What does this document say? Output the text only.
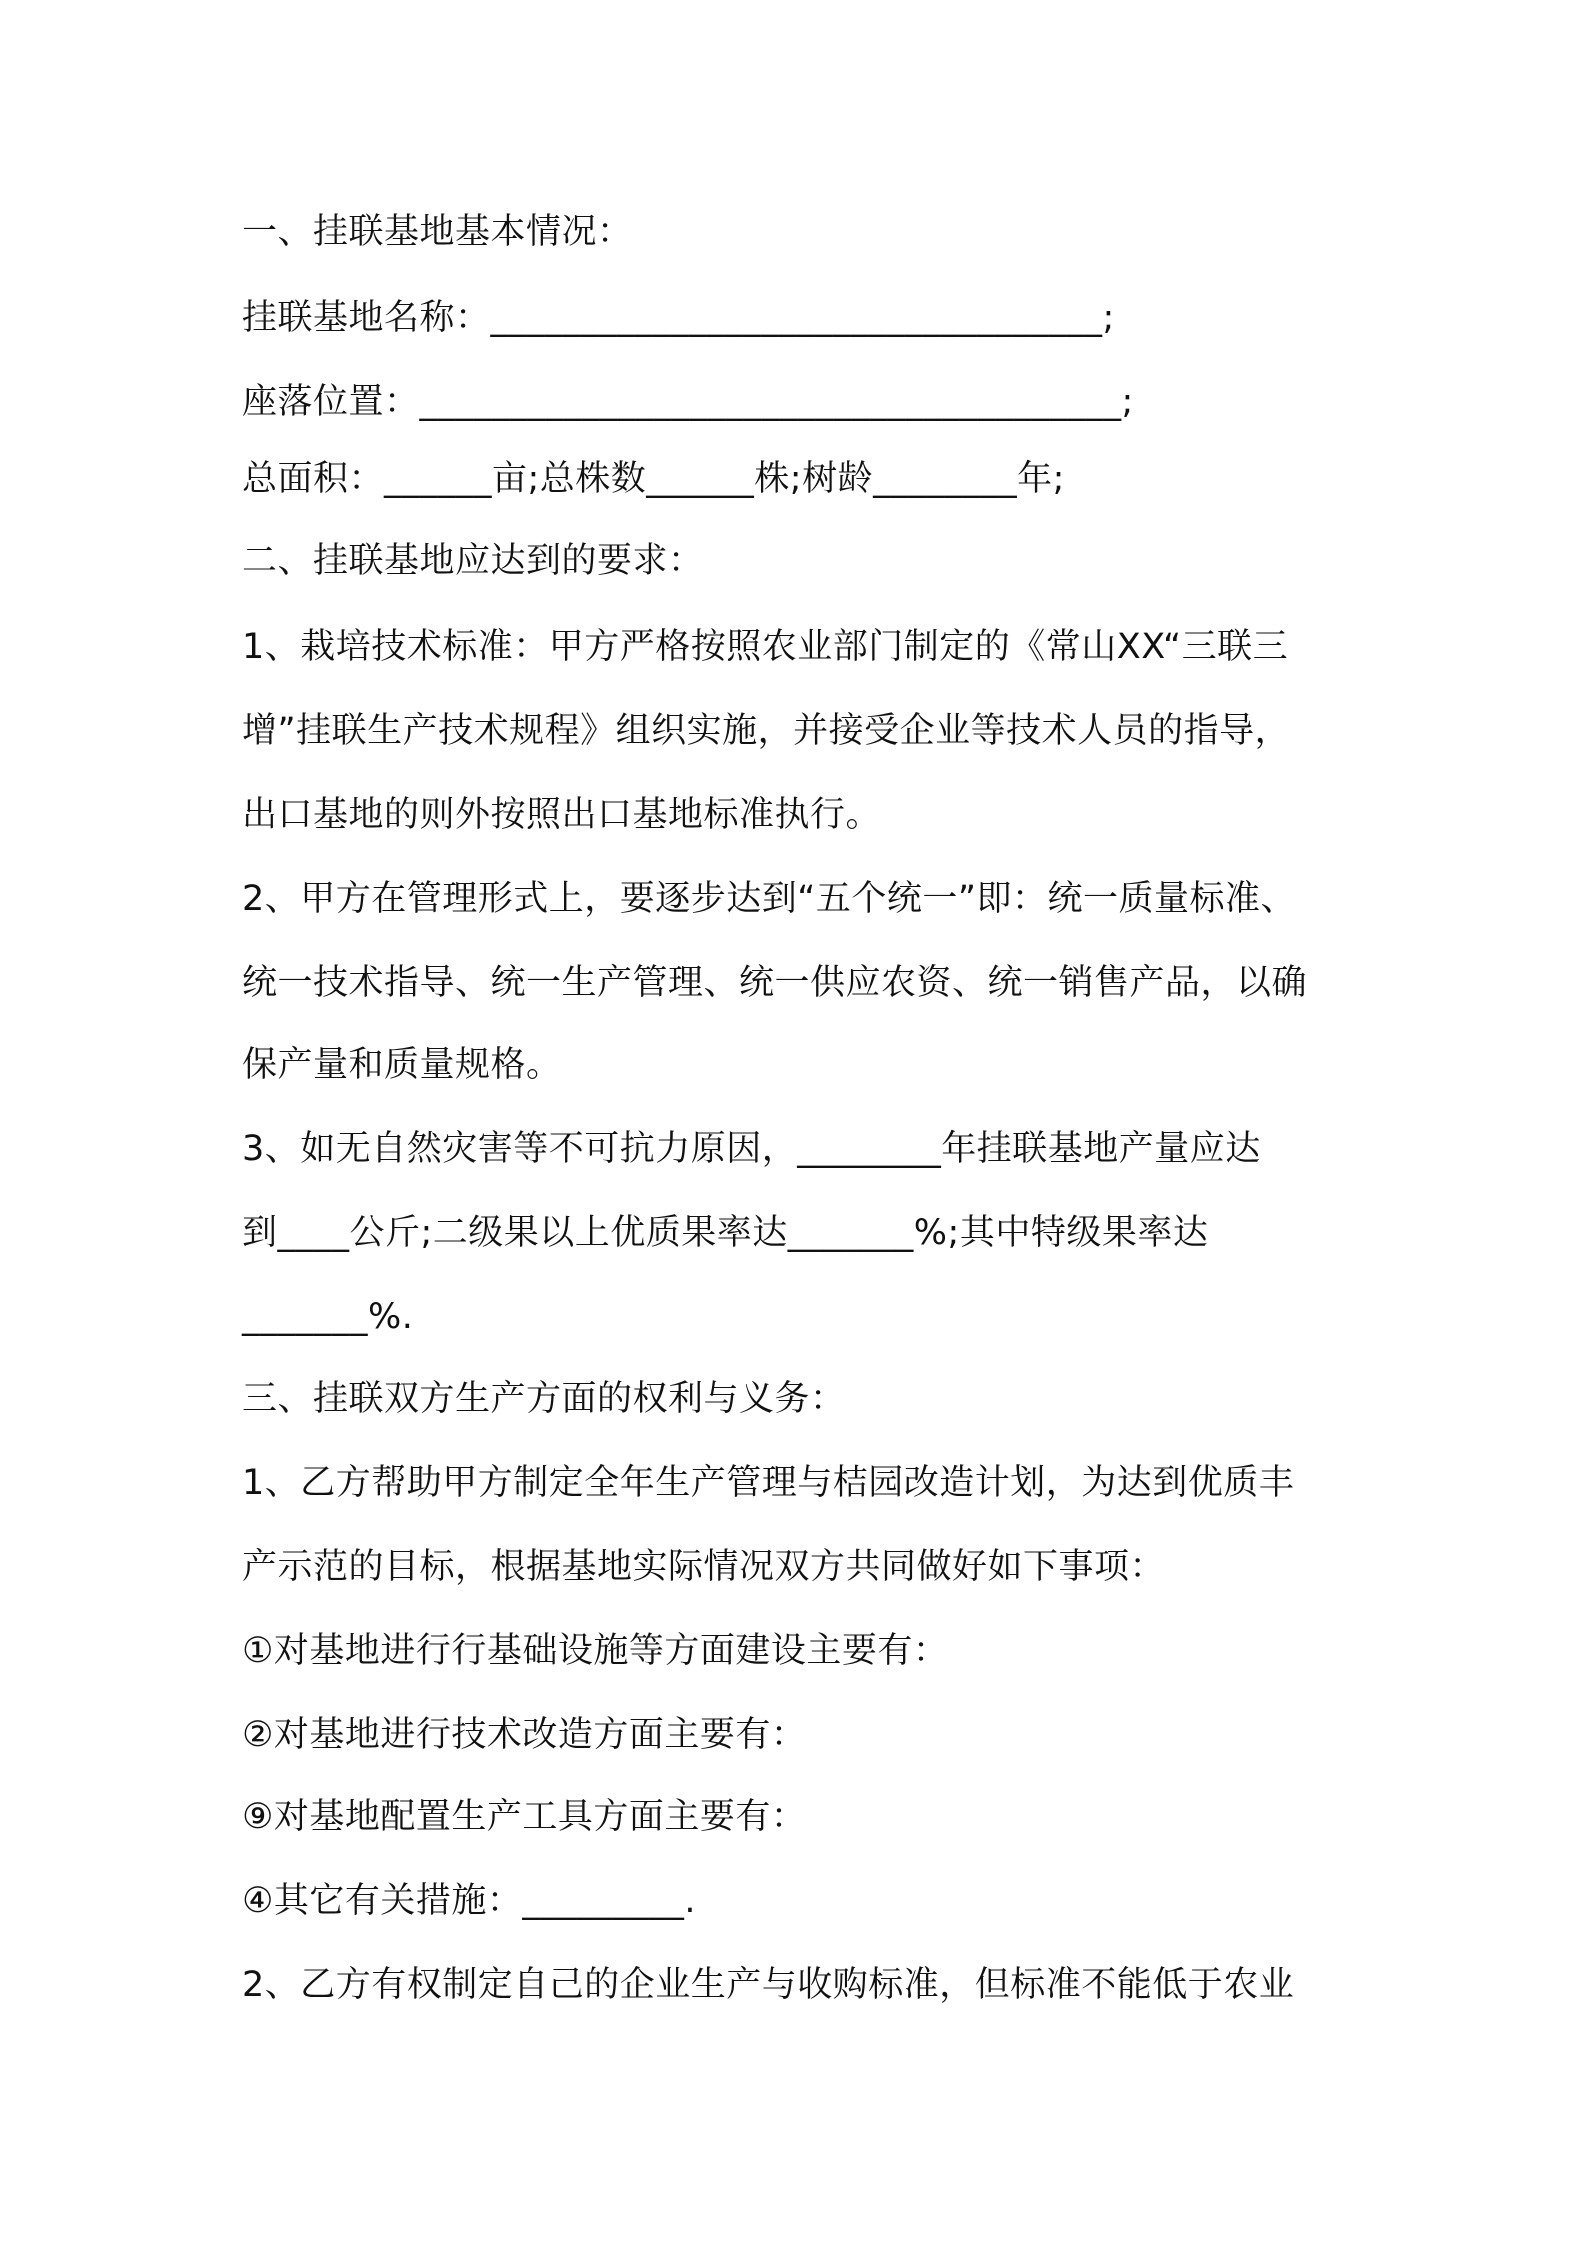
一、挂联基地基本情况：
挂联基地名称：__________________________________;
座落位置：_______________________________________;
总面积：______亩;总株数______株;树龄________年;
二、挂联基地应达到的要求：
1、栽培技术标准：甲方严格按照农业部门制定的《常山XX“三联三
增”挂联生产技术规程》组织实施，并接受企业等技术人员的指导，
出口基地的则外按照出口基地标准执行。
2、甲方在管理形式上，要逐步达到“五个统一”即：统一质量标准、
统一技术指导、统一生产管理、统一供应农资、统一销售产品，以确
保产量和质量规格。
3、如无自然灾害等不可抗力原因，________年挂联基地产量应达
到____公斤;二级果以上优质果率达_______%;其中特级果率达
_______%.
三、挂联双方生产方面的权利与义务：
1、乙方帮助甲方制定全年生产管理与桔园改造计划，为达到优质丰
产示范的目标，根据基地实际情况双方共同做好如下事项：
①对基地进行行基础设施等方面建设主要有：
②对基地进行技术改造方面主要有：
⑨对基地配置生产工具方面主要有：
④其它有关措施：_________.
2、乙方有权制定自己的企业生产与收购标准，但标准不能低于农业
